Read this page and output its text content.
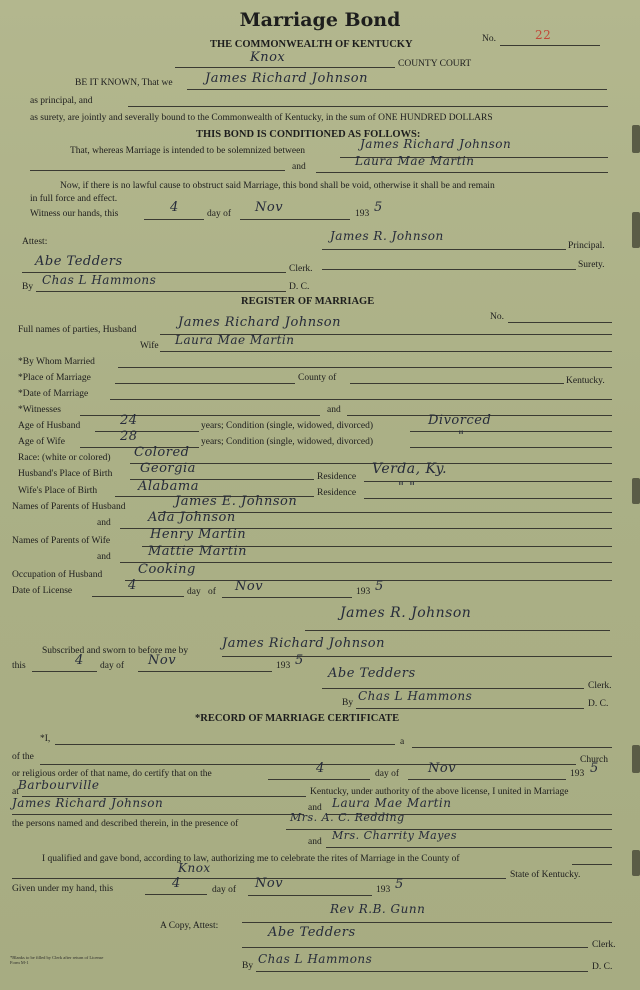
Marriage Bond
THE COMMONWEALTH OF KENTUCKY	No.	22
Knox	COUNTY COURT
BE IT KNOWN, That we James Richard Johnson
as principal, and
as surety, are jointly and severally bound to the Commonwealth of Kentucky, in the sum of ONE HUNDRED DOLLARS
THIS BOND IS CONDITIONED AS FOLLOWS:
That, whereas Marriage is intended to be solemnized between	James Richard Johnson
and	Laura Mae Martin
Now, if there is no lawful cause to obstruct said Marriage, this bond shall be void, otherwise it shall be and remain
in full force and effect.
Witness our hands, this	4	day of Nov	193 5
Attest:	James R. Johnson
Principal.
Abe Tedders	Clerk.	Surety.
By Chas L Hammons	D. C.
REGISTER OF MARRIAGE
No.
Full names of parties, Husband	James Richard Johnson
Wife Laura Mae Martin
*By Whom Married
*Place of Marriage	County of	Kentucky.
*Date of Marriage
*Witnesses	and
Age of Husband	24	years; Condition (single, widowed, divorced)	Divorced
Age of Wife	28	years; Condition (single, widowed, divorced)	"
Race: (white or colored) Colored
Husband's Place of Birth Georgia
Residence Verda, Ky.
Wife's Place of Birth	Alabama	Residence	" "
Names of Parents of Husband	James E. Johnson
and	Ada Johnson
Names of Parents of Wife	Henry Martin
and	Mattie Martin
Occupation of Husband	Cooking
Date of License	4	day of Nov	193 5
James R. Johnson
Subscribed and sworn to before me by	James Richard Johnson
this	4 day of Nov	193 5
Abe Tedders
Clerk.
By Chas L Hammons
D. C.
*RECORD OF MARRIAGE CERTIFICATE
*I,	a
of the	Church
or religious order of that name, do certify that on the	4	day of Nov	193 5
at Barbourville	Kentucky, under authority of the above license, I united in Marriage
James Richard Johnson	and Laura Mae Martin
the persons named and described therein, in the presence of	Mrs. A. C. Redding
and Mrs. Charrity Mayes
I qualified and gave bond, according to law, authorizing me to celebrate the rites of Marriage in the County of
Knox	State of Kentucky.
Given under my hand, this	4	day of Nov	193 5
Rev R.B. Gunn
A Copy, Attest:	Abe Tedders
Clerk.
By Chas L Hammons
D. C.
*Blanks to be filled by Clerk after return of License
Form M-1
